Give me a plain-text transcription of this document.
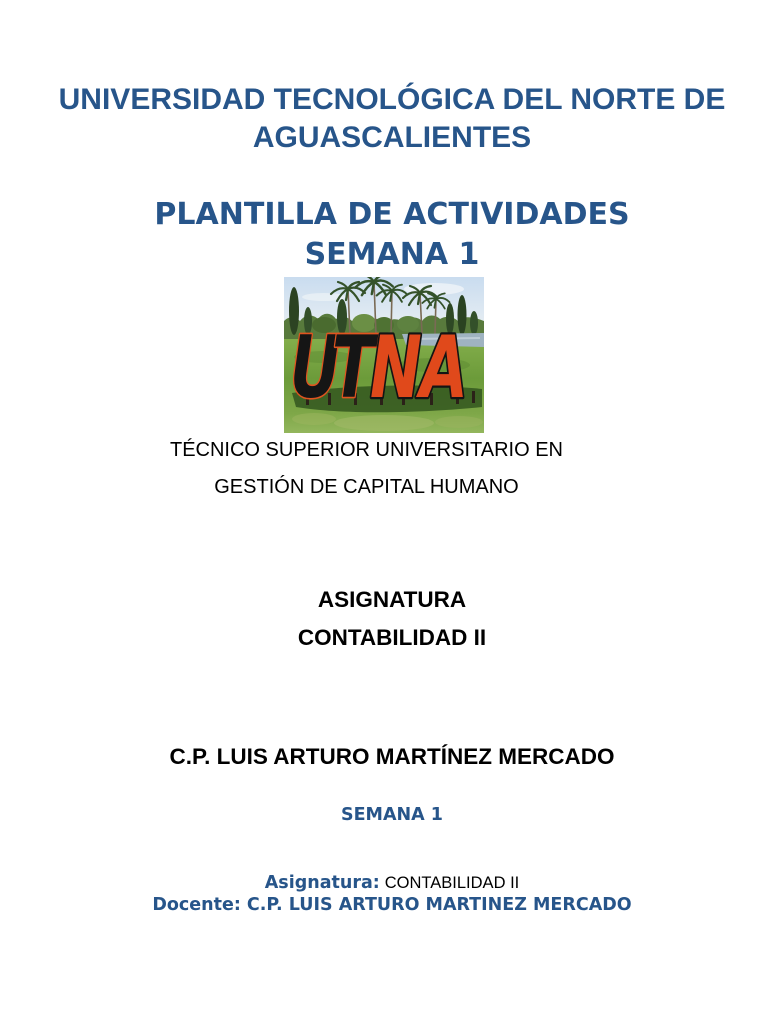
UNIVERSIDAD TECNOLÓGICA DEL NORTE DE
AGUASCALIENTES
PLANTILLA DE ACTIVIDADES
SEMANA 1
U
T
N
A
TÉCNICO SUPERIOR UNIVERSITARIO EN
GESTIÓN DE CAPITAL HUMANO
ASIGNATURA
CONTABILIDAD II
C.P. LUIS ARTURO MARTÍNEZ MERCADO
SEMANA 1
Asignatura: CONTABILIDAD II
Docente: C.P. LUIS ARTURO MARTINEZ MERCADO
